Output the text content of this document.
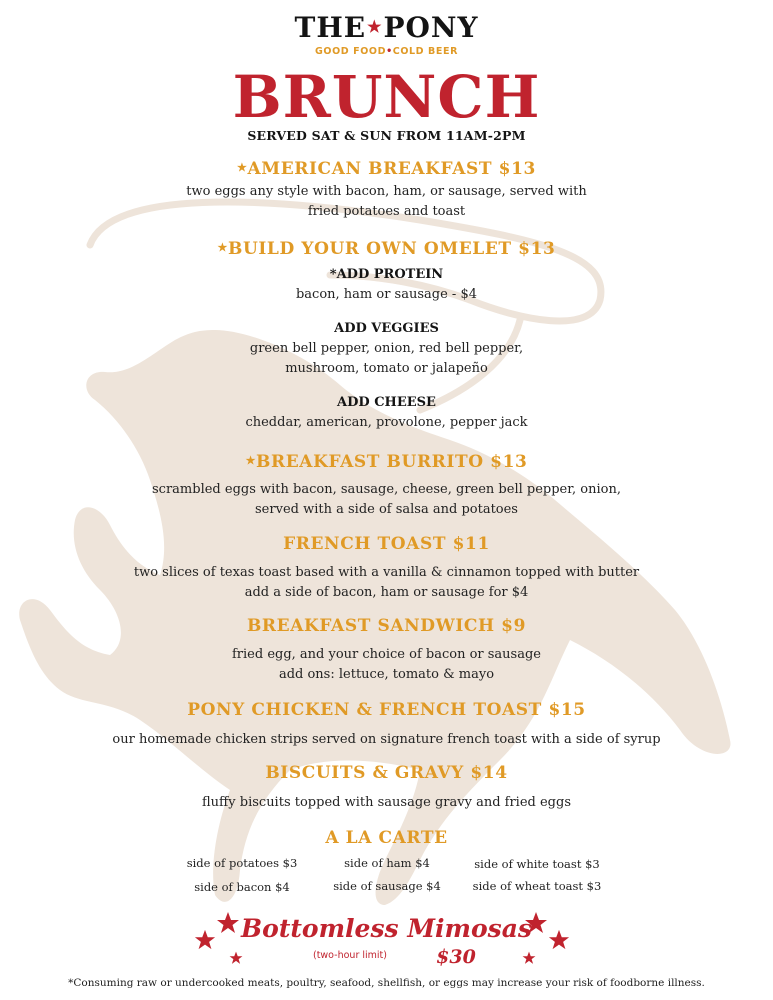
THE★PONY
GOOD FOOD•COLD BEER
BRUNCH
SERVED SAT & SUN FROM 11AM-2PM
★AMERICAN BREAKFAST $13
two eggs any style with bacon, ham, or sausage, served with
fried potatoes and toast
★BUILD YOUR OWN OMELET $13
*ADD PROTEIN
bacon, ham or sausage - $4
ADD VEGGIES
green bell pepper, onion, red bell pepper,
mushroom, tomato or jalapeño
ADD CHEESE
cheddar, american, provolone, pepper jack
★BREAKFAST BURRITO $13
scrambled eggs with bacon, sausage, cheese, green bell pepper, onion,
served with a side of salsa and potatoes
FRENCH TOAST $11
two slices of texas toast based with a vanilla & cinnamon topped with butter
add a side of bacon, ham or sausage for $4
BREAKFAST SANDWICH $9
fried egg, and your choice of bacon or sausage
add ons: lettuce, tomato & mayo
PONY CHICKEN & FRENCH TOAST $15
our homemade chicken strips served on signature french toast with a side of syrup
BISCUITS & GRAVY $14
fluffy biscuits topped with sausage gravy and fried eggs
A LA CARTE
side of potatoes $3	side of ham $4	side of white toast $3
side of bacon $4	side of sausage $4	side of wheat toast $3
Bottomless Mimosas
(two-hour limit)	$30
*Consuming raw or undercooked meats, poultry, seafood, shellfish, or eggs may increase your risk of foodborne illness.
